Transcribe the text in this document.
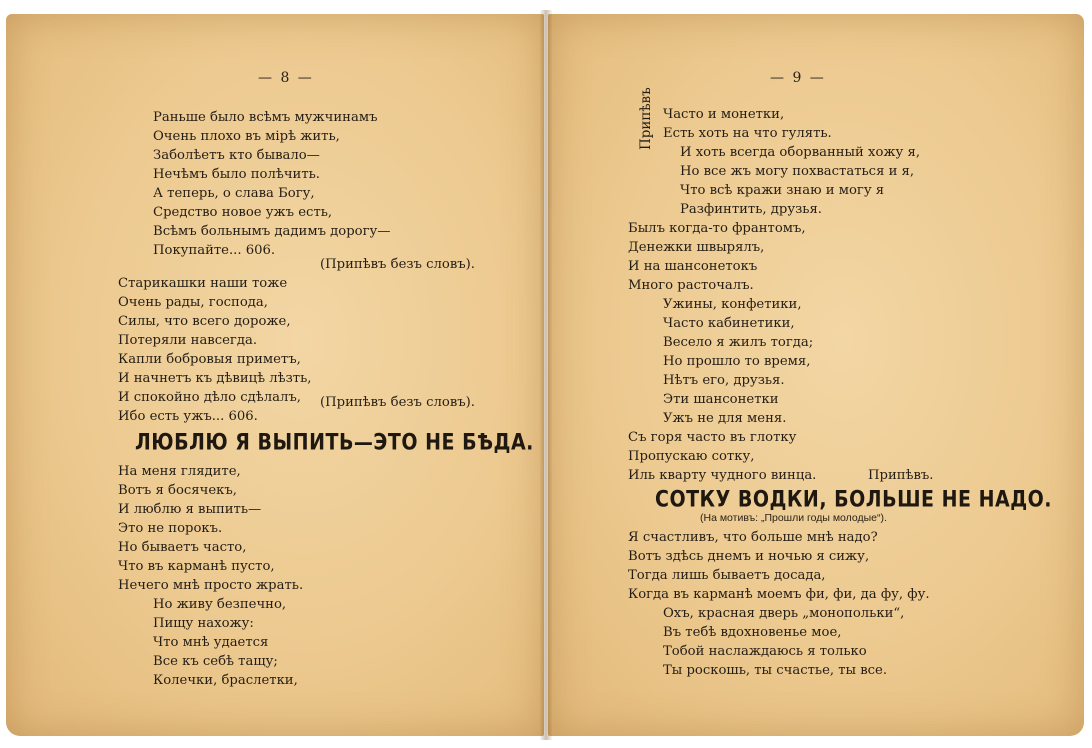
— 8 —
Раньше было всѣмъ мужчинамъ
Очень плохо въ мірѣ жить,
Заболѣетъ кто бывало—
Нечѣмъ было полѣчить.
А теперь, о слава Богу,
Средство новое ужъ есть,
Всѣмъ больнымъ дадимъ дорогу—
Покупайте... 606.
(Припѣвъ безъ словъ).
Старикашки наши тоже
Очень рады, господа,
Силы, что всего дороже,
Потеряли навсегда.
Капли бобровыя приметъ,
И начнетъ къ дѣвицѣ лѣзть,
И спокойно дѣло сдѣлалъ,
Ибо есть ужъ... 606.
(Припѣвъ безъ словъ).
ЛЮБЛЮ Я ВЫПИТЬ—ЭТО НЕ БѢДА.
На меня глядите,
Вотъ я босячекъ,
И люблю я выпить—
Это не порокъ.
Но бываетъ часто,
Что въ карманѣ пусто,
Нечего мнѣ просто жрать.
Но живу безпечно,
Пищу нахожу:
Что мнѣ удается
Все къ себѣ тащу;
Колечки, браслетки,
— 9 —
Припѣвъ Часто и монетки,
Есть хоть на что гулять.
И хоть всегда оборванный хожу я,
Но все жъ могу похвастаться и я,
Что всѣ кражи знаю и могу я
Разфинтить, друзья.
Былъ когда-то франтомъ,
Денежки швырялъ,
И на шансонетокъ
Много расточалъ.
Ужины, конфетики,
Часто кабинетики,
Весело я жилъ тогда;
Но прошло то время,
Нѣтъ его, друзья.
Эти шансонетки
Ужъ не для меня.
Съ горя часто въ глотку
Пропускаю сотку,
Иль кварту чудного винца.	Припѣвъ.
СОТКУ ВОДКИ, БОЛЬШЕ НЕ НАДО.
(На мотивъ: „Прошли годы молодые“).
Я счастливъ, что больше мнѣ надо?
Вотъ здѣсь днемъ и ночью я сижу,
Тогда лишь бываетъ досада,
Когда въ карманѣ моемъ фи, фи, да фу, фу.
Охъ, красная дверь „монопольки“,
Въ тебѣ вдохновенье мое,
Тобой наслаждаюсь я только
Ты роскошь, ты счастье, ты все.
